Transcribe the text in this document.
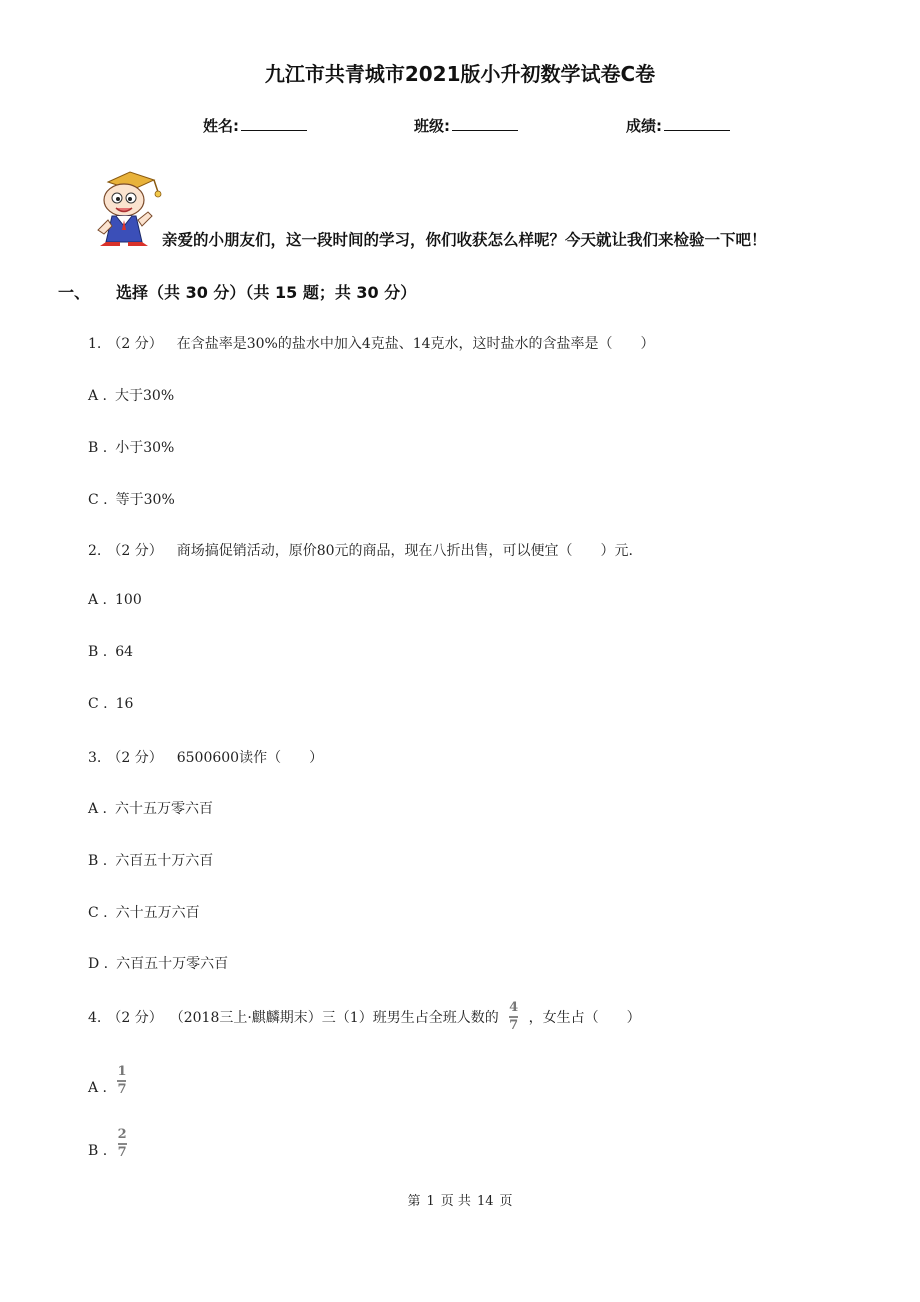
九江市共青城市2021版小升初数学试卷C卷
姓名:	班级:	成绩:
亲爱的小朋友们，这一段时间的学习，你们收获怎么样呢？今天就让我们来检验一下吧！
一、 选择（共 30 分）（共 15 题；共 30 分）
1. （2 分） 在含盐率是30%的盐水中加入4克盐、14克水，这时盐水的含盐率是（　　）
A . 大于30%
B . 小于30%
C . 等于30%
2. （2 分） 商场搞促销活动，原价80元的商品，现在八折出售，可以便宜（　　）元.
A . 100
B . 64
C . 16
3. （2 分） 6500600读作（　　）
A . 六十五万零六百
B . 六百五十万六百
C . 六十五万六百
D . 六百五十万零六百
4. （2 分） （2018三上·麒麟期末）三（1）班男生占全班人数的 $\frac{4}{7}$ ，女生占（　　）
A . $\frac{1}{7}$
B . $\frac{2}{7}$
第 1 页 共 14 页
